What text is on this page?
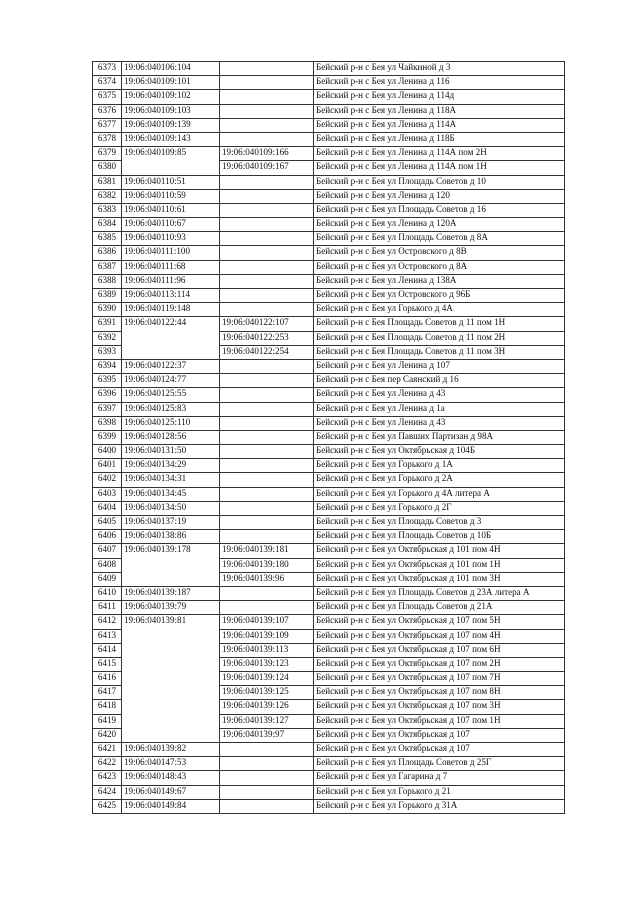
6373	19:06:040106:104		Бейский р-н с Бея ул Чайкиной д 3
6374	19:06:040109:101		Бейский р-н с Бея ул Ленина д 116
6375	19:06:040109:102		Бейский р-н с Бея ул Ленина д 114д
6376	19:06:040109:103		Бейский р-н с Бея ул Ленина д 118А
6377	19:06:040109:139		Бейский р-н с Бея ул Ленина д 114А
6378	19:06:040109:143		Бейский р-н с Бея ул Ленина д 118Б
6379	19:06:040109:85	19:06:040109:166	Бейский р-н с Бея ул Ленина д 114А пом 2Н
6380		19:06:040109:167	Бейский р-н с Бея ул Ленина д 114А пом 1Н
6381	19:06:040110:51		Бейский р-н с Бея ул Площадь Советов д 10
6382	19:06:040110:59		Бейский р-н с Бея ул Ленина д 120
6383	19:06:040110:61		Бейский р-н с Бея ул Площадь Советов д 16
6384	19:06:040110:67		Бейский р-н с Бея ул Ленина д 120А
6385	19:06:040110:93		Бейский р-н с Бея ул Площадь Советов д 8А
6386	19:06:040111:100		Бейский р-н с Бея ул Островского д 8В
6387	19:06:040111:68		Бейский р-н с Бея ул Островского д 8А
6388	19:06:040111:96		Бейский р-н с Бея ул Ленина д 138А
6389	19:06:040113:114		Бейский р-н с Бея ул Островского д 96Б
6390	19:06:040119:148		Бейский р-н с Бея ул Горького д 4А
6391	19:06:040122:44	19:06:040122:107	Бейский р-н с Бея Площадь Советов д 11 пом 1Н
6392		19:06:040122:253	Бейский р-н с Бея Площадь Советов д 11 пом 2Н
6393		19:06:040122:254	Бейский р-н с Бея Площадь Советов д 11 пом 3Н
6394	19:06:040122:37		Бейский р-н с Бея ул Ленина д 107
6395	19:06:040124:77		Бейский р-н с Бея пер Саянский д 16
6396	19:06:040125:55		Бейский р-н с Бея ул Ленина д 43
6397	19:06:040125:83		Бейский р-н с Бея ул Ленина д 1а
6398	19:06:040125:110		Бейский р-н с Бея ул Ленина д 43
6399	19:06:040128:56		Бейский р-н с Бея ул Павших Партизан д 98А
6400	19:06:040131:50		Бейский р-н с Бея ул Октябрьская д 104Б
6401	19:06:040134:29		Бейский р-н с Бея ул Горького д 1А
6402	19:06:040134:31		Бейский р-н с Бея ул Горького д 2А
6403	19:06:040134:45		Бейский р-н с Бея ул Горького д 4А литера А
6404	19:06:040134:50		Бейский р-н с Бея ул Горького д 2Г
6405	19:06:040137:19		Бейский р-н с Бея ул Площадь Советов д 3
6406	19:06:040138:86		Бейский р-н с Бея ул Площадь Советов д 10Б
6407	19:06:040139:178	19:06:040139:181	Бейский р-н с Бея ул Октябрьская д 101 пом 4Н
6408		19:06:040139:180	Бейский р-н с Бея ул Октябрьская д 101 пом 1Н
6409		19:06:040139:96	Бейский р-н с Бея ул Октябрьская д 101 пом 3Н
6410	19:06:040139:187		Бейский р-н с Бея ул Площадь Советов д 23А литера А
6411	19:06:040139:79		Бейский р-н с Бея ул Площадь Советов д 21А
6412	19:06:040139:81	19:06:040139:107	Бейский р-н с Бея ул Октябрьская д 107 пом 5Н
6413		19:06:040139:109	Бейский р-н с Бея ул Октябрьская д 107 пом 4Н
6414		19:06:040139:113	Бейский р-н с Бея ул Октябрьская д 107 пом 6Н
6415		19:06:040139:123	Бейский р-н с Бея ул Октябрьская д 107 пом 2Н
6416		19:06:040139:124	Бейский р-н с Бея ул Октябрьская д 107 пом 7Н
6417		19:06:040139:125	Бейский р-н с Бея ул Октябрьская д 107 пом 8Н
6418		19:06:040139:126	Бейский р-н с Бея ул Октябрьская д 107 пом 3Н
6419		19:06:040139:127	Бейский р-н с Бея ул Октябрьская д 107 пом 1Н
6420		19:06:040139:97	Бейский р-н с Бея ул Октябрьская д 107
6421	19:06:040139:82		Бейский р-н с Бея ул Октябрьская д 107
6422	19:06:040147:53		Бейский р-н с Бея ул Площадь Советов д 25Г
6423	19:06:040148:43		Бейский р-н с Бея ул Гагарина д 7
6424	19:06:040149:67		Бейский р-н с Бея ул Горького д 21
6425	19:06:040149:84		Бейский р-н с Бея ул Горького д 31А
